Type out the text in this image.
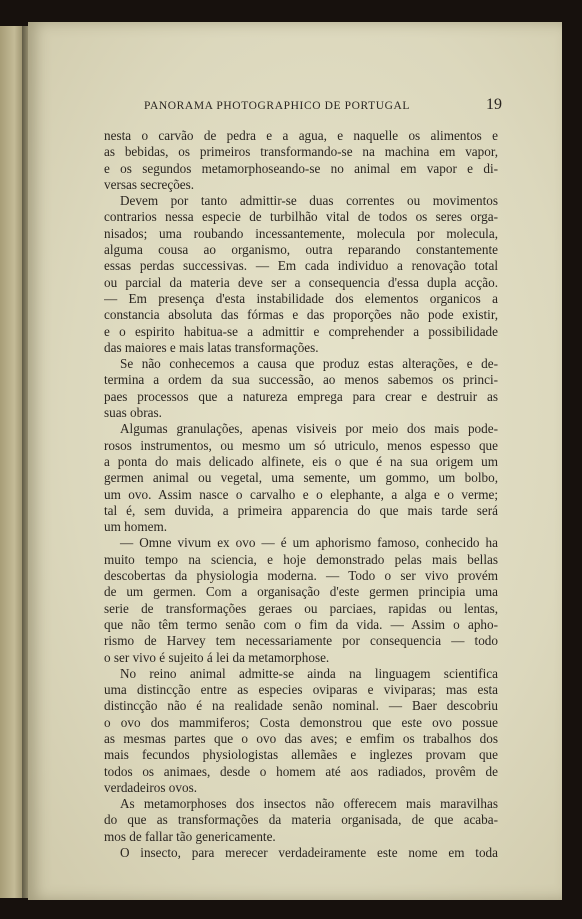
PANORAMA PHOTOGRAPHICO DE PORTUGAL	19
nesta o carvão de pedra e a agua, e naquelle os alimentos e
as bebidas, os primeiros transformando-se na machina em vapor,
e os segundos metamorphoseando-se no animal em vapor e di-
versas secreções.
Devem por tanto admittir-se duas correntes ou movimentos
contrarios nessa especie de turbilhão vital de todos os seres orga-
nisados; uma roubando incessantemente, molecula por molecula,
alguma cousa ao organismo, outra reparando constantemente
essas perdas successivas. — Em cada individuo a renovação total
ou parcial da materia deve ser a consequencia d'essa dupla acção.
— Em presença d'esta instabilidade dos elementos organicos a
constancia absoluta das fórmas e das proporções não pode existir,
e o espirito habitua-se a admittir e comprehender a possibilidade
das maiores e mais latas transformações.
Se não conhecemos a causa que produz estas alterações, e de-
termina a ordem da sua successão, ao menos sabemos os princi-
paes processos que a natureza emprega para crear e destruir as
suas obras.
Algumas granulações, apenas visiveis por meio dos mais pode-
rosos instrumentos, ou mesmo um só utriculo, menos espesso que
a ponta do mais delicado alfinete, eis o que é na sua origem um
germen animal ou vegetal, uma semente, um gommo, um bolbo,
um ovo. Assim nasce o carvalho e o elephante, a alga e o verme;
tal é, sem duvida, a primeira apparencia do que mais tarde será
um homem.
— Omne vivum ex ovo — é um aphorismo famoso, conhecido ha
muito tempo na sciencia, e hoje demonstrado pelas mais bellas
descobertas da physiologia moderna. — Todo o ser vivo provém
de um germen. Com a organisação d'este germen principia uma
serie de transformações geraes ou parciaes, rapidas ou lentas,
que não têm termo senão com o fim da vida. — Assim o apho-
rismo de Harvey tem necessariamente por consequencia — todo
o ser vivo é sujeito á lei da metamorphose.
No reino animal admitte-se ainda na linguagem scientifica
uma distincção entre as especies oviparas e viviparas; mas esta
distincção não é na realidade senão nominal. — Baer descobriu
o ovo dos mammiferos; Costa demonstrou que este ovo possue
as mesmas partes que o ovo das aves; e emfim os trabalhos dos
mais fecundos physiologistas allemães e inglezes provam que
todos os animaes, desde o homem até aos radiados, provêm de
verdadeiros ovos.
As metamorphoses dos insectos não offerecem mais maravilhas
do que as transformações da materia organisada, de que acaba-
mos de fallar tão genericamente.
O insecto, para merecer verdadeiramente este nome em toda
